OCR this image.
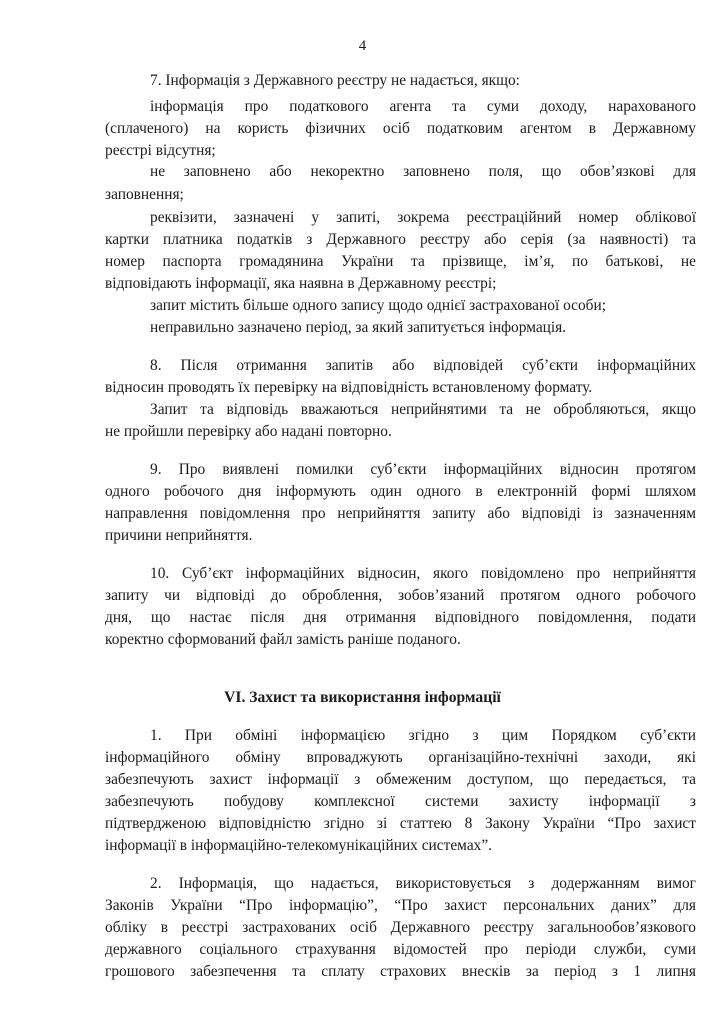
4
7. Інформація з Державного реєстру не надається, якщо:
інформація про податкового агента та суми доходу, нарахованого
(сплаченого) на користь фізичних осіб податковим агентом в Державному
реєстрі відсутня;
не заповнено або некоректно заповнено поля, що обов’язкові для
заповнення;
реквізити, зазначені у запиті, зокрема реєстраційний номер облікової
картки платника податків з Державного реєстру або серія (за наявності) та
номер паспорта громадянина України та прізвище, ім’я, по батькові, не
відповідають інформації, яка наявна в Державному реєстрі;
запит містить більше одного запису щодо однієї застрахованої особи;
неправильно зазначено період, за який запитується інформація.
8. Після отримання запитів або відповідей суб’єкти інформаційних
відносин проводять їх перевірку на відповідність встановленому формату.
Запит та відповідь вважаються неприйнятими та не обробляються, якщо
не пройшли перевірку або надані повторно.
9. Про виявлені помилки суб’єкти інформаційних відносин протягом
одного робочого дня інформують один одного в електронній формі шляхом
направлення повідомлення про неприйняття запиту або відповіді із зазначенням
причини неприйняття.
10. Суб’єкт інформаційних відносин, якого повідомлено про неприйняття
запиту чи відповіді до оброблення, зобов’язаний протягом одного робочого
дня, що настає після дня отримання відповідного повідомлення, подати
коректно сформований файл замість раніше поданого.
VI. Захист та використання інформації
1. При обміні інформацією згідно з цим Порядком суб’єкти
інформаційного обміну впроваджують організаційно-технічні заходи, які
забезпечують захист інформації з обмеженим доступом, що передається, та
забезпечують побудову комплексної системи захисту інформації з
підтвердженою відповідністю згідно зі статтею 8 Закону України “Про захист
інформації в інформаційно-телекомунікаційних системах”.
2. Інформація, що надається, використовується з додержанням вимог
Законів України “Про інформацію”, “Про захист персональних даних” для
обліку в реєстрі застрахованих осіб Державного реєстру загальнообов’язкового
державного соціального страхування відомостей про періоди служби, суми
грошового забезпечення та сплату страхових внесків за період з 1 липня
